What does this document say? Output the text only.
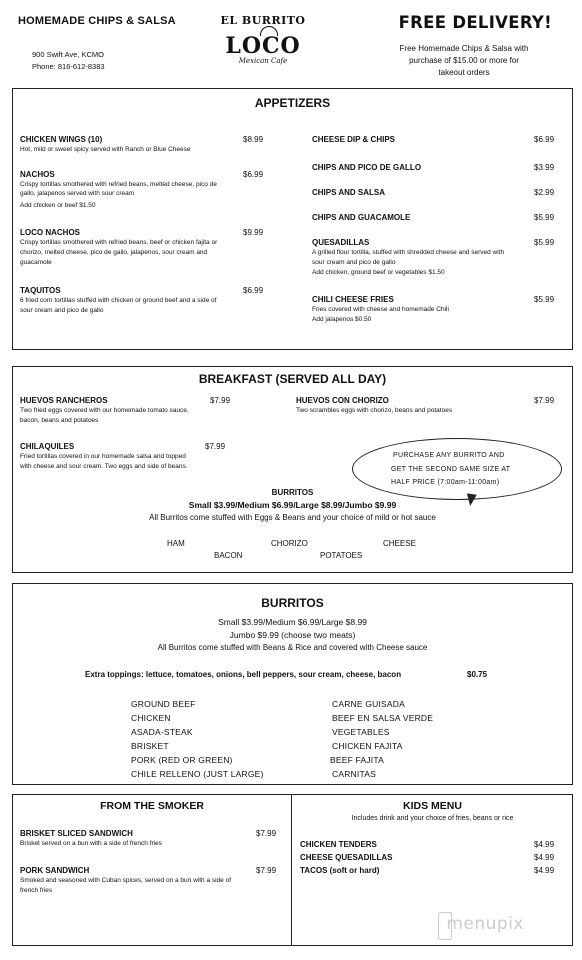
HOMEMADE CHIPS & SALSA
900 Swift Ave, KCMO
Phone: 816-612-8383
EL BURRITO
LOCO
Mexican Cafe
FREE DELIVERY!
Free Homemade Chips & Salsa with
purchase of $15.00 or more for
takeout orders
APPETIZERS
CHICKEN WINGS (10)	$8.99
Hot, mild or sweet spicy served with Ranch or Blue Cheese
NACHOS	$6.99
Crispy tortillas smothered with refried beans, melted cheese, pico de
gallo, jalapenos served with sour cream
Add chicken or beef $1.50
LOCO NACHOS	$9.99
Crispy tortillas smothered with refried beans, beef or chicken fajita or
chorizo, melted cheese, pico de gallo, jalapenos, sour cream and
guacamole
TAQUITOS	$6.99
6 fried corn tortillas stuffed with chicken or ground beef and a side of
sour cream and pico de gallo
CHEESE DIP & CHIPS	$6.99
CHIPS AND PICO DE GALLO	$3.99
CHIPS AND SALSA	$2.99
CHIPS AND GUACAMOLE	$5.99
QUESADILLAS	$5.99
A grilled flour tortilla, stuffed with shredded cheese and served with
sour cream and pico de gallo
Add chicken, ground beef or vegetables $1.50
CHILI CHEESE FRIES	$5.99
Fries covered with cheese and homemade Chili
Add jalapenos $0.50
BREAKFAST (SERVED ALL DAY)
HUEVOS RANCHEROS	$7.99
Two fried eggs covered with our homemade tomato sauce,
bacon, beans and potatoes
HUEVOS CON CHORIZO	$7.99
Two scrambles eggs with chorizo, beans and potatoes
CHILAQUILES	$7.99
Fried tortillas covered in our homemade salsa and topped
with cheese and sour cream. Two eggs and side of beans.
PURCHASE ANY BURRITO AND
GET THE SECOND SAME SIZE AT
HALF PRICE (7:00am-11:00am)
BURRITOS
Small $3.99/Medium $6.99/Large $8.99/Jumbo $9.99
All Burritos come stuffed with Eggs & Beans and your choice of mild or hot sauce
HAM	CHORIZO	CHEESE
BACON	POTATOES
BURRITOS
Small $3.99/Medium $6.99/Large $8.99
Jumbo $9.99 (choose two meats)
All Burritos come stuffed with Beans & Rice and covered with Cheese sauce
Extra toppings: lettuce, tomatoes, onions, bell peppers, sour cream, cheese, bacon	$0.75
GROUND BEEF
CHICKEN
ASADA-STEAK
BRISKET
PORK (RED OR GREEN)
CHILE RELLENO (JUST LARGE)
CARNE GUISADA
BEEF EN SALSA VERDE
VEGETABLES
CHICKEN FAJITA
BEEF FAJITA
CARNITAS
FROM THE SMOKER
BRISKET SLICED SANDWICH	$7.99
Brisket served on a bun with a side of french fries
PORK SANDWICH	$7.99
Smoked and seasoned with Cuban spices, served on a bun with a side of
french fries
KIDS MENU
Includes drink and your choice of fries, beans or rice
CHICKEN TENDERS	$4.99
CHEESE QUESADILLAS	$4.99
TACOS (soft or hard)	$4.99
menupix
